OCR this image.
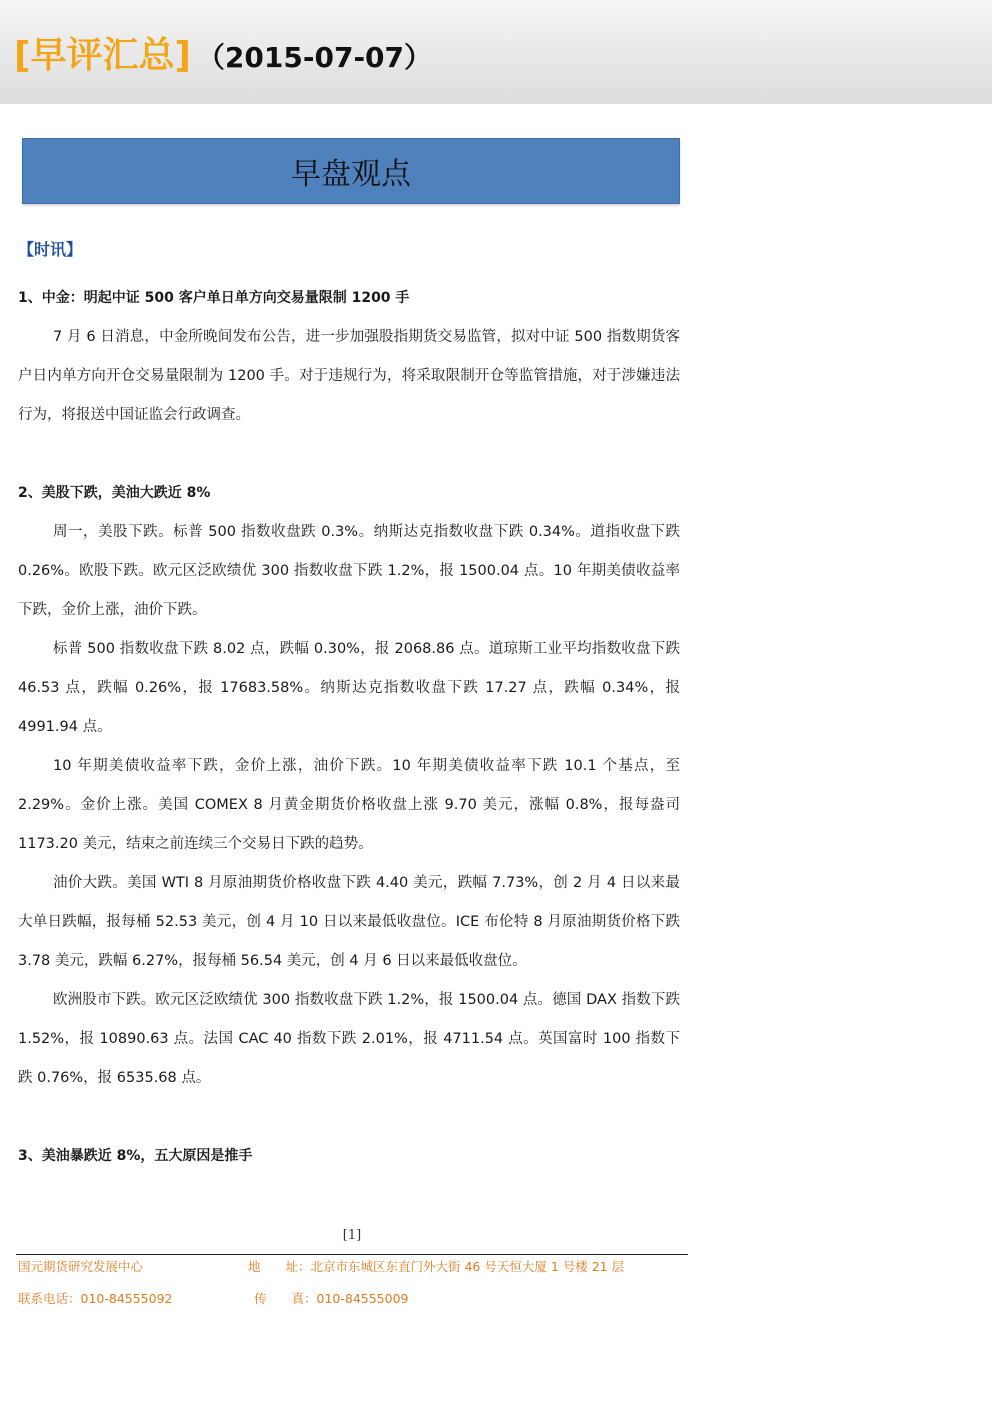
[早评汇总] （2015-07-07）
早盘观点
【时讯】

1、中金：明起中证 500 客户单日单方向交易量限制 1200 手

7 月 6 日消息，中金所晚间发布公告，进一步加强股指期货交易监管，拟对中证 500 指数期货客户日内单方向开仓交易量限制为 1200 手。对于违规行为，将采取限制开仓等监管措施，对于涉嫌违法行为，将报送中国证监会行政调查。

2、美股下跌，美油大跌近 8%

周一，美股下跌。标普 500 指数收盘跌 0.3%。纳斯达克指数收盘下跌 0.34%。道指收盘下跌 0.26%。欧股下跌。欧元区泛欧绩优 300 指数收盘下跌 1.2%，报 1500.04 点。10 年期美债收益率下跌，金价上涨，油价下跌。

标普 500 指数收盘下跌 8.02 点，跌幅 0.30%，报 2068.86 点。道琼斯工业平均指数收盘下跌 46.53 点，跌幅 0.26%，报 17683.58%。纳斯达克指数收盘下跌 17.27 点，跌幅 0.34%，报 4991.94 点。

10 年期美债收益率下跌，金价上涨，油价下跌。10 年期美债收益率下跌 10.1 个基点，至 2.29%。金价上涨。美国 COMEX 8 月黄金期货价格收盘上涨 9.70 美元，涨幅 0.8%，报每盎司 1173.20 美元，结束之前连续三个交易日下跌的趋势。

油价大跌。美国 WTI 8 月原油期货价格收盘下跌 4.40 美元，跌幅 7.73%，创 2 月 4 日以来最大单日跌幅，报每桶 52.53 美元，创 4 月 10 日以来最低收盘位。ICE 布伦特 8 月原油期货价格下跌 3.78 美元，跌幅 6.27%，报每桶 56.54 美元，创 4 月 6 日以来最低收盘位。

欧洲股市下跌。欧元区泛欧绩优 300 指数收盘下跌 1.2%，报 1500.04 点。德国 DAX 指数下跌 1.52%，报 10890.63 点。法国 CAC 40 指数下跌 2.01%，报 4711.54 点。英国富时 100 指数下跌 0.76%，报 6535.68 点。

3、美油暴跌近 8%，五大原因是推手

[1]
国元期货研究发展中心	地　　址：北京市东城区东直门外大街 46 号天恒大厦 1 号楼 21 层
联系电话：010-84555092	传　　真：010-84555009
